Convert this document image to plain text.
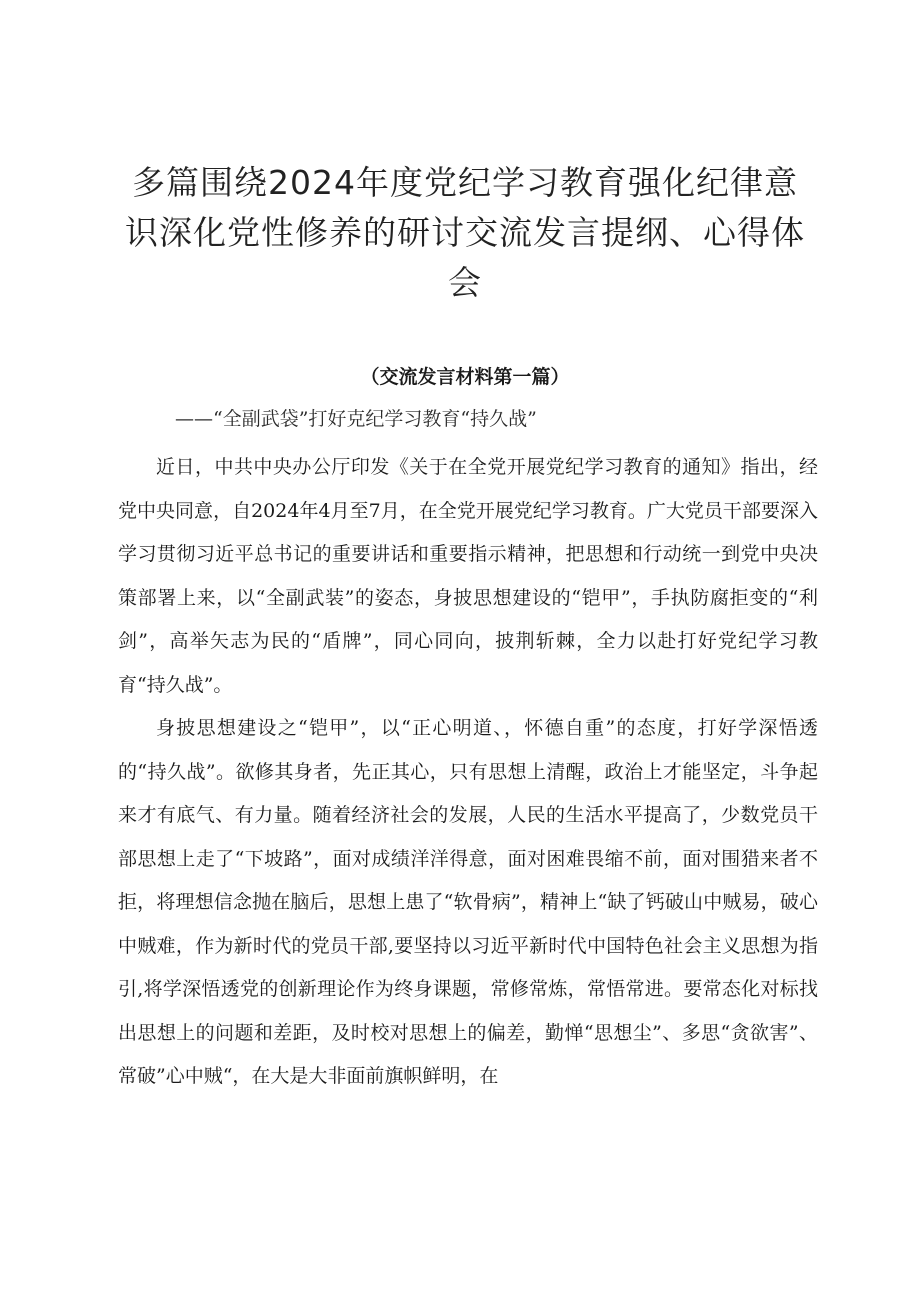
多篇围绕2024年度党纪学习教育强化纪律意识深化党性修养的研讨交流发言提纲、心得体会
（交流发言材料第一篇）
——“全副武袋”打好克纪学习教育“持久战”

近日，中共中央办公厅印发《关于在全党开展党纪学习教育的通知》指出，经党中央同意，自2024年4月至7月，在全党开展党纪学习教育。广大党员干部要深入学习贯彻习近平总书记的重要讲话和重要指示精神，把思想和行动统一到党中央决策部署上来，以“全副武装”的姿态，身披思想建设的“铠甲”，手执防腐拒变的“利剑”，高举矢志为民的“盾牌”，同心同向，披荆斩棘，全力以赴打好党纪学习教育“持久战”。

身披思想建设之“铠甲”，以“正心明道、，怀德自重”的态度，打好学深悟透的“持久战”。欲修其身者，先正其心，只有思想上清醒，政治上才能坚定，斗争起来才有底气、有力量。随着经济社会的发展，人民的生活水平提高了，少数党员干部思想上走了“下坡路”，面对成绩洋洋得意，面对困难畏缩不前，面对围猎来者不拒，将理想信念抛在脑后，思想上患了“软骨病”，精神上“缺了钙破山中贼易，破心中贼难，作为新时代的党员干部,要坚持以习近平新时代中国特色社会主义思想为指引,将学深悟透党的创新理论作为终身课题，常修常炼，常悟常进。要常态化对标找出思想上的问题和差距，及时校对思想上的偏差，勤惮“思想尘”、多思“贪欲害”、常破”心中贼“，在大是大非面前旗帜鲜明，在
